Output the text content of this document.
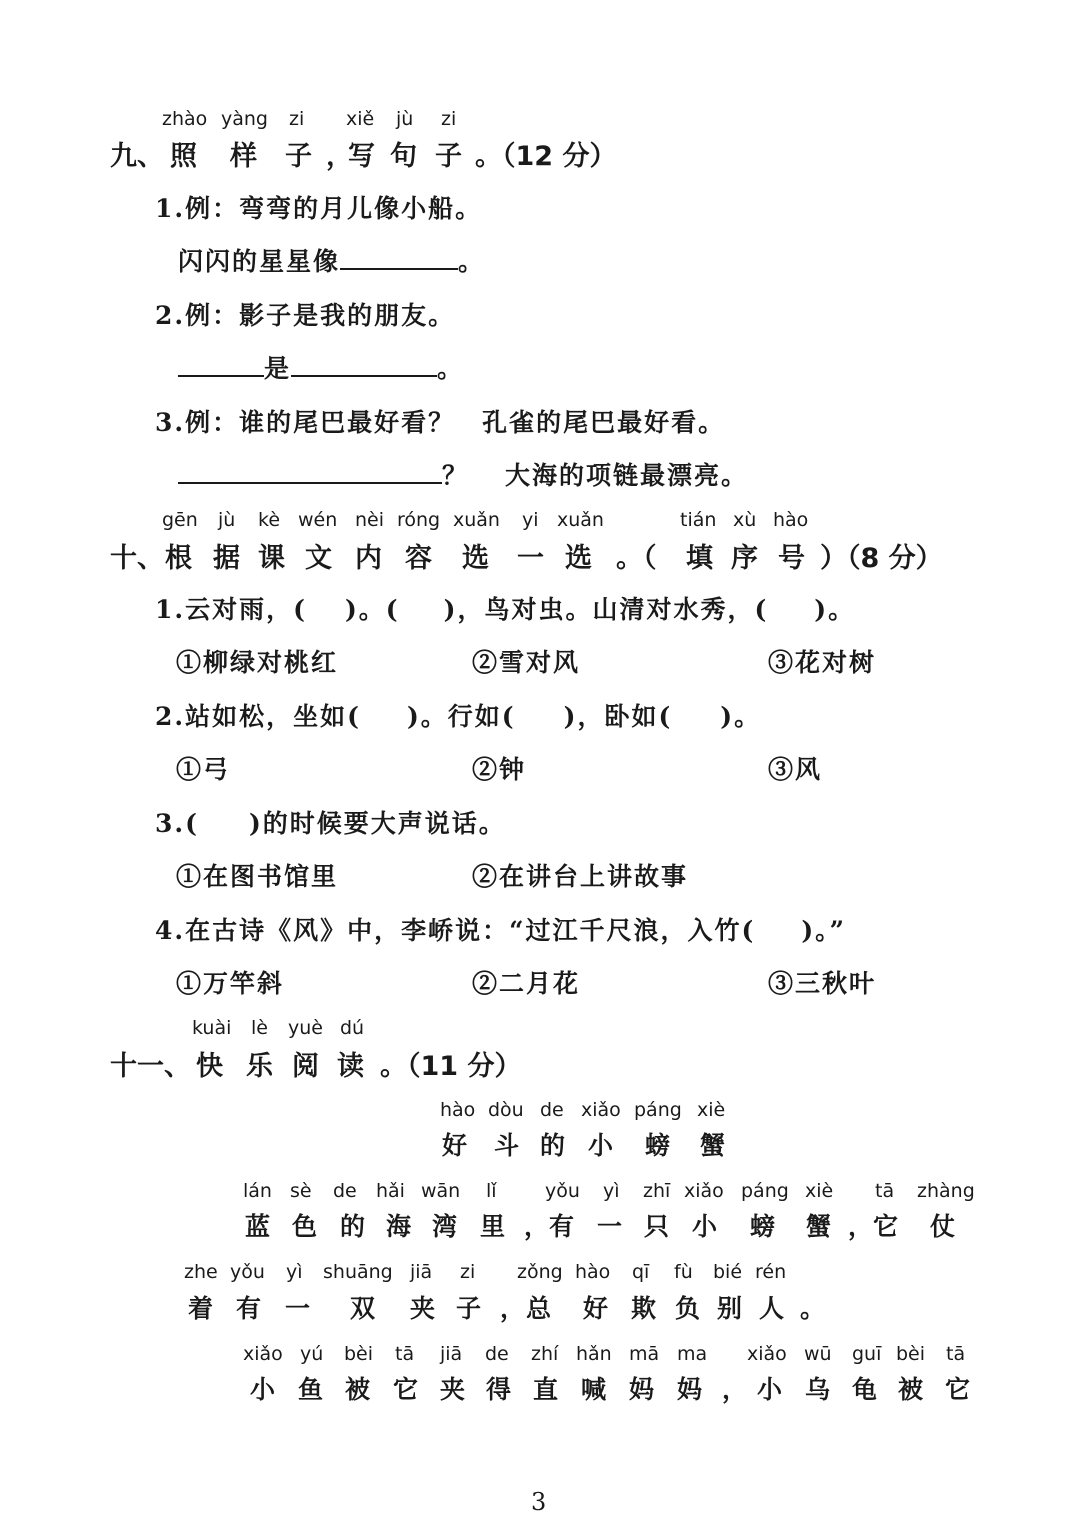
zhào yàng zi xiě jù zi
九、 照 样 子 ，
写 句 子 。（12 分）
1.例：弯弯的月儿像小船。
闪闪的星星像	。
2.例：影子是我的朋友。
是	。
3.例：谁的尾巴最好看？　孔雀的尾巴最好看。
？ 大海的项链最漂亮。
gēn jù kè wén nèi róng xuǎn yi xuǎn	tián xù hào
十、 根 据 课 文 内 容 选 一 选 。（ 填 序 号 ）（8 分）
1.云对雨，( )。( )，鸟对虫。山清对水秀，( )。
①柳绿对桃红	②雪对风	③花对树
2.站如松，坐如( )。行如( )，卧如( )。
①弓	②钟	③风
3.( )的时候要大声说话。
①在图书馆里	②在讲台上讲故事
4.在古诗《风》中，李峤说：“过江千尺浪，入竹( )。”
①万竿斜	②二月花	③三秋叶
kuài lè yuè dú
十一、 快 乐 阅 读 。（11 分）
hào dòu de xiǎo páng xiè
好 斗 的 小 螃 蟹
lán sè de hǎi wān lǐ	yǒu yì zhī xiǎo páng xiè tā zhàng
蓝 色 的 海 湾 里 ， 有 一 只 小 螃 蟹 ， 它 仗
zhe yǒu yì shuāng jiā zi zǒng hào qī fù bié rén
着 有 一 双 夹 子 ， 总 好 欺 负 别 人 。
xiǎo yú bèi tā jiā de zhí hǎn mā ma xiǎo wū guī bèi tā
小 鱼 被 它 夹 得 直 喊 妈 妈 ， 小 乌 龟 被 它
3
